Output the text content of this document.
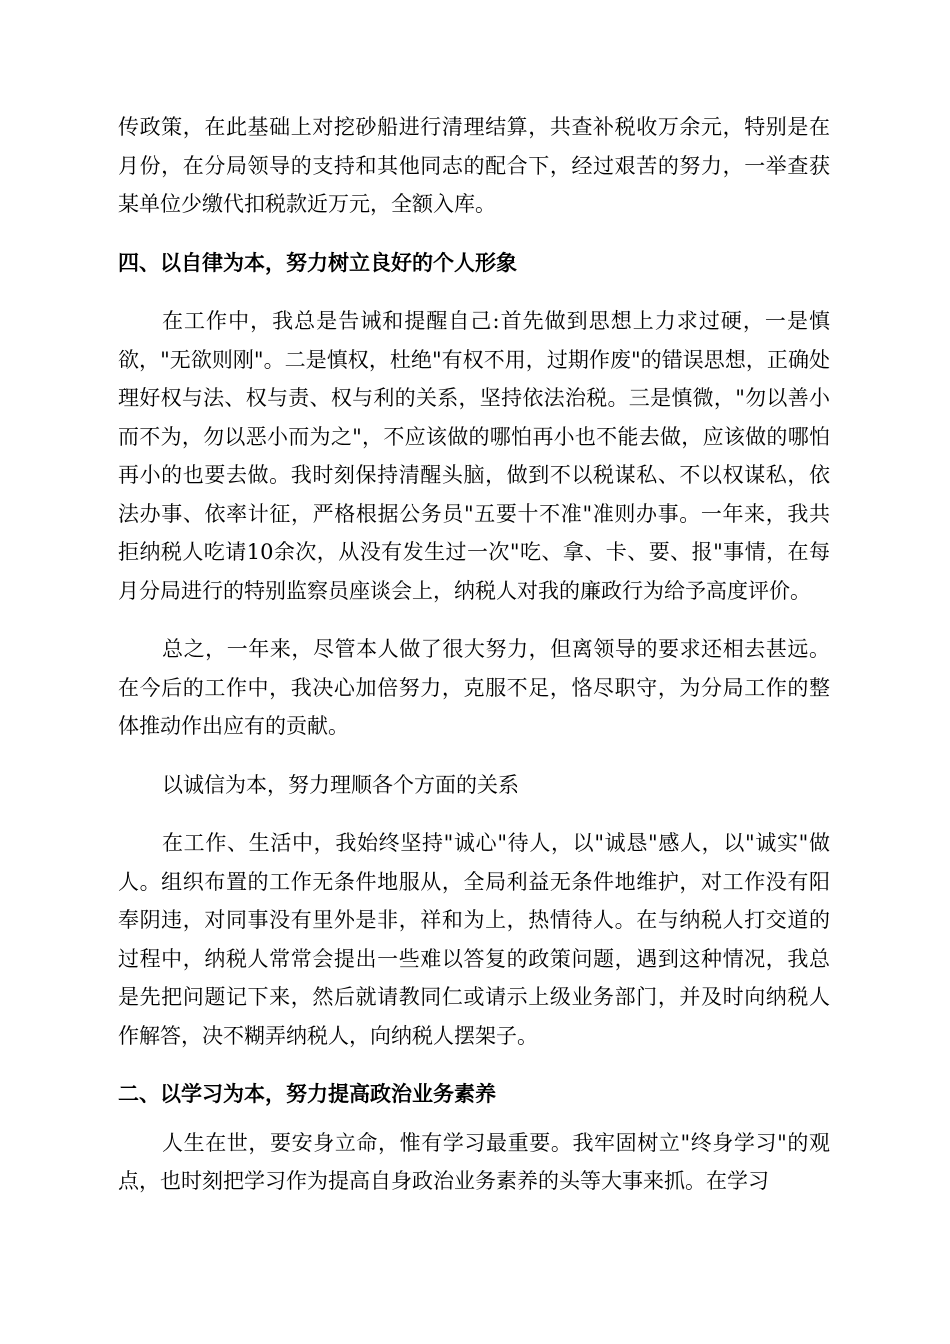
传政策，在此基础上对挖砂船进行清理结算，共查补税收万余元，特别是在月份，在分局领导的支持和其他同志的配合下，经过艰苦的努力，一举查获某单位少缴代扣税款近万元，全额入库。

四、以自律为本，努力树立良好的个人形象

在工作中，我总是告诫和提醒自己:首先做到思想上力求过硬，一是慎欲，"无欲则刚"。二是慎权，杜绝"有权不用，过期作废"的错误思想，正确处理好权与法、权与责、权与利的关系，坚持依法治税。三是慎微，"勿以善小而不为，勿以恶小而为之"，不应该做的哪怕再小也不能去做，应该做的哪怕再小的也要去做。我时刻保持清醒头脑，做到不以税谋私、不以权谋私，依法办事、依率计征，严格根据公务员"五要十不准"准则办事。一年来，我共拒纳税人吃请10余次，从没有发生过一次"吃、拿、卡、要、报"事情，在每月分局进行的特别监察员座谈会上，纳税人对我的廉政行为给予高度评价。

总之，一年来，尽管本人做了很大努力，但离领导的要求还相去甚远。在今后的工作中，我决心加倍努力，克服不足，恪尽职守，为分局工作的整体推动作出应有的贡献。

以诚信为本，努力理顺各个方面的关系

在工作、生活中，我始终坚持"诚心"待人，以"诚恳"感人，以"诚实"做人。组织布置的工作无条件地服从，全局利益无条件地维护，对工作没有阳奉阴违，对同事没有里外是非，祥和为上，热情待人。在与纳税人打交道的过程中，纳税人常常会提出一些难以答复的政策问题，遇到这种情况，我总是先把问题记下来，然后就请教同仁或请示上级业务部门，并及时向纳税人作解答，决不糊弄纳税人，向纳税人摆架子。

二、以学习为本，努力提高政治业务素养

人生在世，要安身立命，惟有学习最重要。我牢固树立"终身学习"的观点，也时刻把学习作为提高自身政治业务素养的头等大事来抓。在学习
